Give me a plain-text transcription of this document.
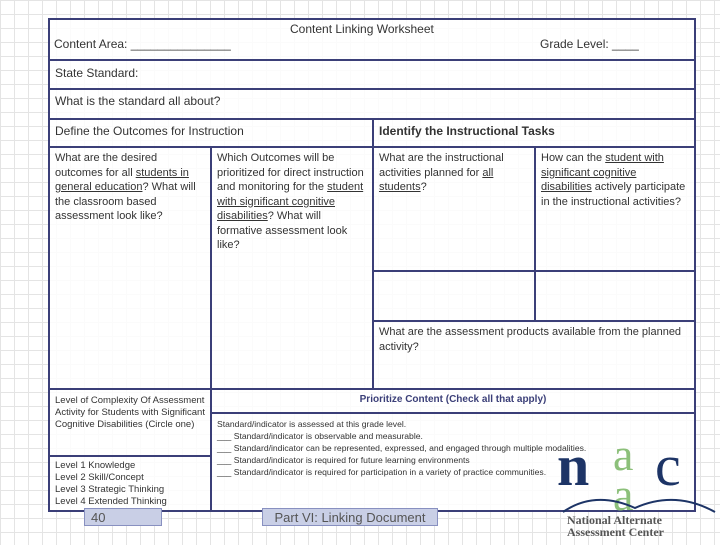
Content Linking Worksheet
Content Area: _______________	Grade Level: ____
State Standard:
What is the standard all about?
Define the Outcomes for Instruction	Identify the Instructional Tasks
What are the desired outcomes for all students in general education? What will the classroom based assessment look like?
Which Outcomes will be prioritized for direct instruction and monitoring for the student with significant cognitive disabilities? What will formative assessment look like?
What are the instructional activities planned for all students?
How can the student with significant cognitive disabilities actively participate in the instructional activities?
What are the assessment products available from the planned activity?
Level of Complexity Of Assessment Activity for Students with Significant Cognitive Disabilities (Circle one)
Level 1 Knowledge
Level 2 Skill/Concept
Level 3 Strategic Thinking
Level 4 Extended Thinking
Prioritize Content (Check all that apply)
Standard/indicator is assessed at this grade level.
___ Standard/indicator is observable and measurable.
___ Standard/indicator can be represented, expressed, and engaged through multiple modalities.
___ Standard/indicator is required for future learning environments
___ Standard/indicator is required for participation in a variety of practice communities.
40	Part VI: Linking Document
n a
a c
National Alternate
Assessment Center
